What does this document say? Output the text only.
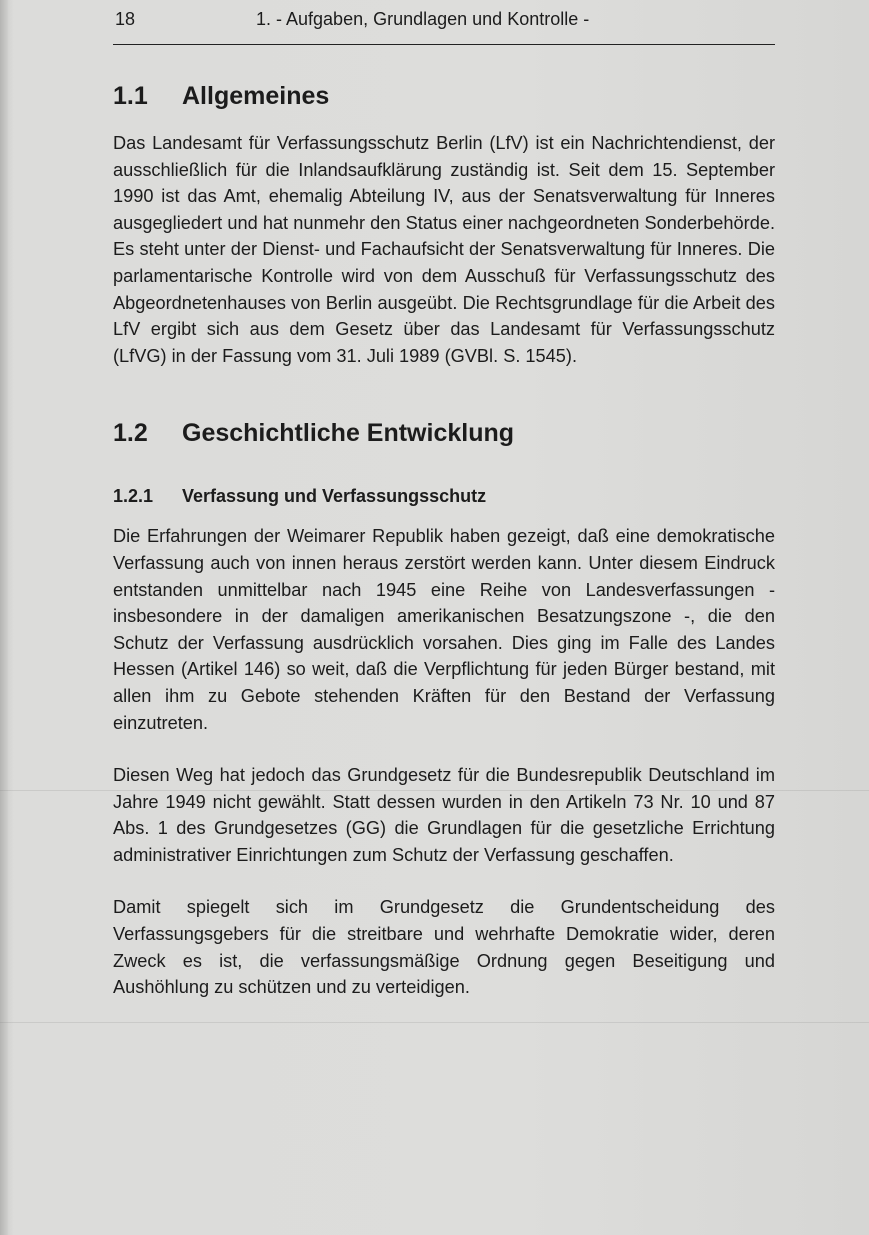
18	1. - Aufgaben, Grundlagen und Kontrolle -
1.1 Allgemeines

Das Landesamt für Verfassungsschutz Berlin (LfV) ist ein Nachrichtendienst, der ausschließlich für die Inlandsaufklärung zuständig ist. Seit dem 15. September 1990 ist das Amt, ehemalig Abteilung IV, aus der Senatsverwaltung für Inneres ausgegliedert und hat nunmehr den Status einer nachgeordneten Sonderbehörde. Es steht unter der Dienst- und Fachaufsicht der Senatsverwaltung für Inneres. Die parlamentarische Kontrolle wird von dem Ausschuß für Verfassungsschutz des Abgeordnetenhauses von Berlin ausgeübt. Die Rechtsgrundlage für die Arbeit des LfV ergibt sich aus dem Gesetz über das Landesamt für Verfassungsschutz (LfVG) in der Fassung vom 31. Juli 1989 (GVBl. S. 1545).

1.2 Geschichtliche Entwicklung
1.2.1 Verfassung und Verfassungsschutz

Die Erfahrungen der Weimarer Republik haben gezeigt, daß eine demokratische Verfassung auch von innen heraus zerstört werden kann. Unter diesem Eindruck entstanden unmittelbar nach 1945 eine Reihe von Landesverfassungen - insbesondere in der damaligen amerikanischen Besatzungszone -, die den Schutz der Verfassung ausdrücklich vorsahen. Dies ging im Falle des Landes Hessen (Artikel 146) so weit, daß die Verpflichtung für jeden Bürger bestand, mit allen ihm zu Gebote stehenden Kräften für den Bestand der Verfassung einzutreten.

Diesen Weg hat jedoch das Grundgesetz für die Bundesrepublik Deutschland im Jahre 1949 nicht gewählt. Statt dessen wurden in den Artikeln 73 Nr. 10 und 87 Abs. 1 des Grundgesetzes (GG) die Grundlagen für die gesetzliche Errichtung administrativer Einrichtungen zum Schutz der Verfassung geschaffen.

Damit spiegelt sich im Grundgesetz die Grundentscheidung des Verfassungsgebers für die streitbare und wehrhafte Demokratie wider, deren Zweck es ist, die verfassungsmäßige Ordnung gegen Beseitigung und Aushöhlung zu schützen und zu verteidigen.
